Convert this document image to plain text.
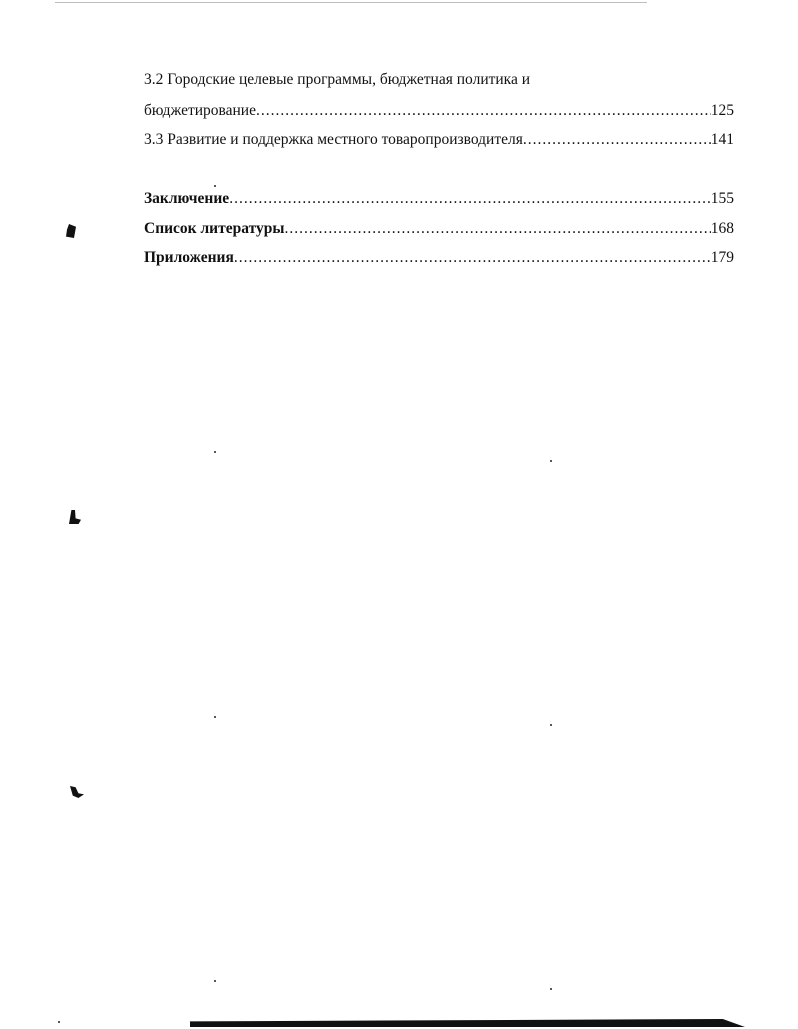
3.2 Городские целевые программы, бюджетная политика и
бюджетирование .....	125
3.3 Развитие и поддержка местного товаропроизводителя .....	141
Заключение .....	155
Список литературы .....	168
Приложения .....	179
